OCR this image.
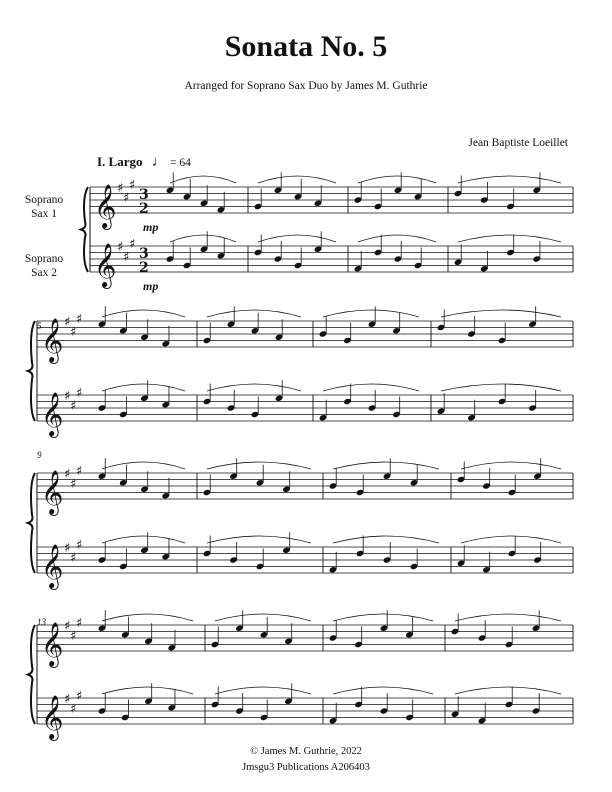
Sonata No. 5
Arranged for Soprano Sax Duo by James M. Guthrie
Jean Baptiste Loeillet
I. Largo ♩ = 64
Soprano
Sax 1
Soprano
Sax 2
mp
mp
5
9
13
𝄞 ♯
♯
♯
3
2
𝄞 ♯
♯
♯
3
2
𝄞 ♯
♯
♯
𝄞 ♯
♯
♯
𝄞 ♯
♯
♯
𝄞 ♯
♯
♯
𝄞 ♯
♯
♯
𝄞 ♯
♯
♯
© James M. Guthrie, 2022
Jmsgu3 Publications A206403
